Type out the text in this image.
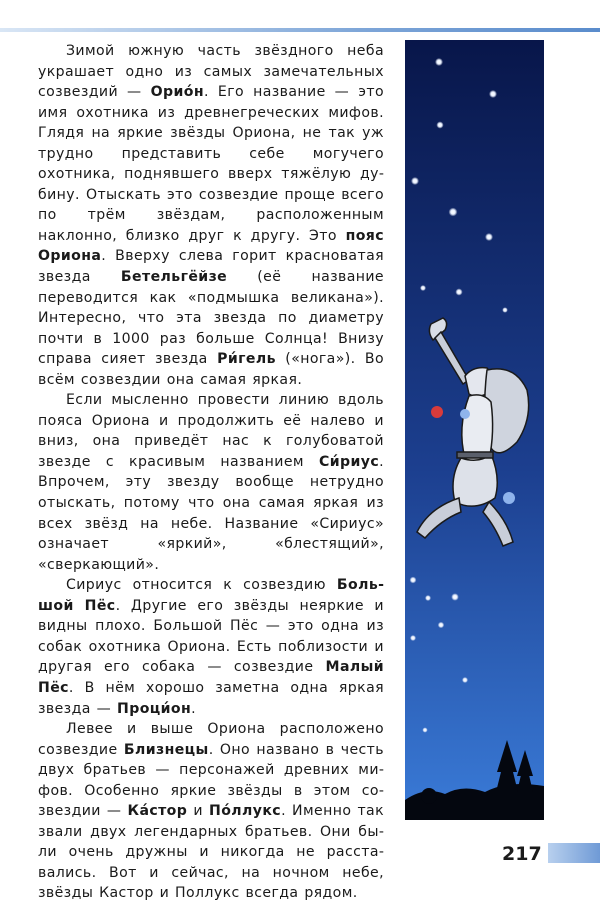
Зимой южную часть звёздного неба украшает одно из самых замечательных созвездий — Орио́н. Его название — это имя охотника из древнегреческих мифов. Глядя на яркие звёзды Ориона, не так уж трудно представить себе могучего охотника, поднявшего вверх тяжёлую дубину. Отыскать это созвездие проще всего по трём звёздам, расположенным наклонно, близко друг к другу. Это пояс Ориона. Вверху слева горит красноватая звезда Бетельгёйзе (её название переводится как «подмышка великана»). Интересно, что эта звезда по диаметру почти в 1000 раз больше Солнца! Внизу справа сияет звезда Ри́гель («нога»). Во всём созвездии она самая яркая.

Если мысленно провести линию вдоль пояса Ориона и продолжить её налево и вниз, она приведёт нас к голубоватой звезде с красивым названием Си́риус. Впрочем, эту звезду вообще нетрудно отыскать, потому что она самая яркая из всех звёзд на небе. Название «Сириус» означает «яркий», «блестящий», «сверкающий».

Сириус относится к созвездию Большой Пёс. Другие его звёзды неяркие и видны плохо. Большой Пёс — это одна из собак охотника Ориона. Есть поблизости и другая его собака — созвездие Малый Пёс. В нём хорошо заметна одна яркая звезда — Проци́он.

Левее и выше Ориона расположено созвездие Близнецы. Оно названо в честь двух братьев — персонажей древних мифов. Особенно яркие звёзды в этом созвездии — Ка́стор и По́ллукс. Именно так звали двух легендарных братьев. Они были очень дружны и никогда не расставались. Вот и сейчас, на ночном небе, звёзды Кастор и Поллукс всегда рядом.

217
